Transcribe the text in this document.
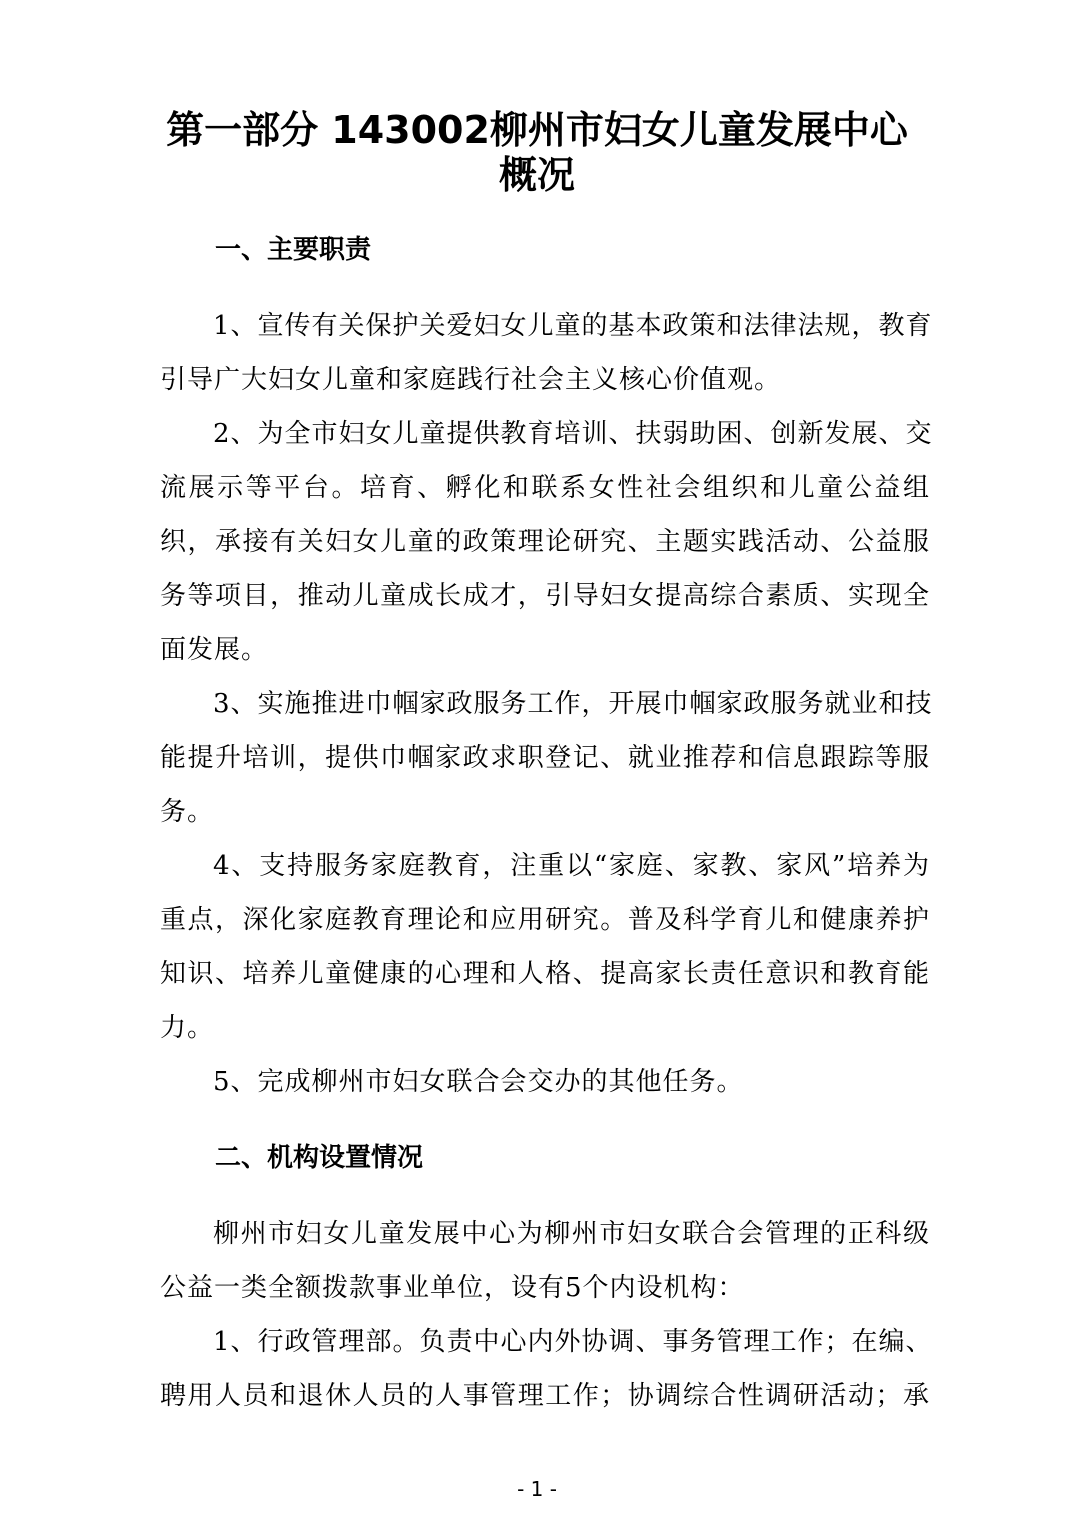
第一部分 143002柳州市妇女儿童发展中心
概况
一、主要职责
1、宣传有关保护关爱妇女儿童的基本政策和法律法规，教育
引导广大妇女儿童和家庭践行社会主义核心价值观。
2、为全市妇女儿童提供教育培训、扶弱助困、创新发展、交
流展示等平台。培育、孵化和联系女性社会组织和儿童公益组
织，承接有关妇女儿童的政策理论研究、主题实践活动、公益服
务等项目，推动儿童成长成才，引导妇女提高综合素质、实现全
面发展。
3、实施推进巾帼家政服务工作，开展巾帼家政服务就业和技
能提升培训，提供巾帼家政求职登记、就业推荐和信息跟踪等服
务。
4、支持服务家庭教育，注重以“家庭、家教、家风”培养为
重点，深化家庭教育理论和应用研究。普及科学育儿和健康养护
知识、培养儿童健康的心理和人格、提高家长责任意识和教育能
力。
5、完成柳州市妇女联合会交办的其他任务。
二、机构设置情况
柳州市妇女儿童发展中心为柳州市妇女联合会管理的正科级
公益一类全额拨款事业单位，设有5个内设机构：
1、行政管理部。负责中心内外协调、事务管理工作；在编、
聘用人员和退休人员的人事管理工作；协调综合性调研活动；承
- 1 -
